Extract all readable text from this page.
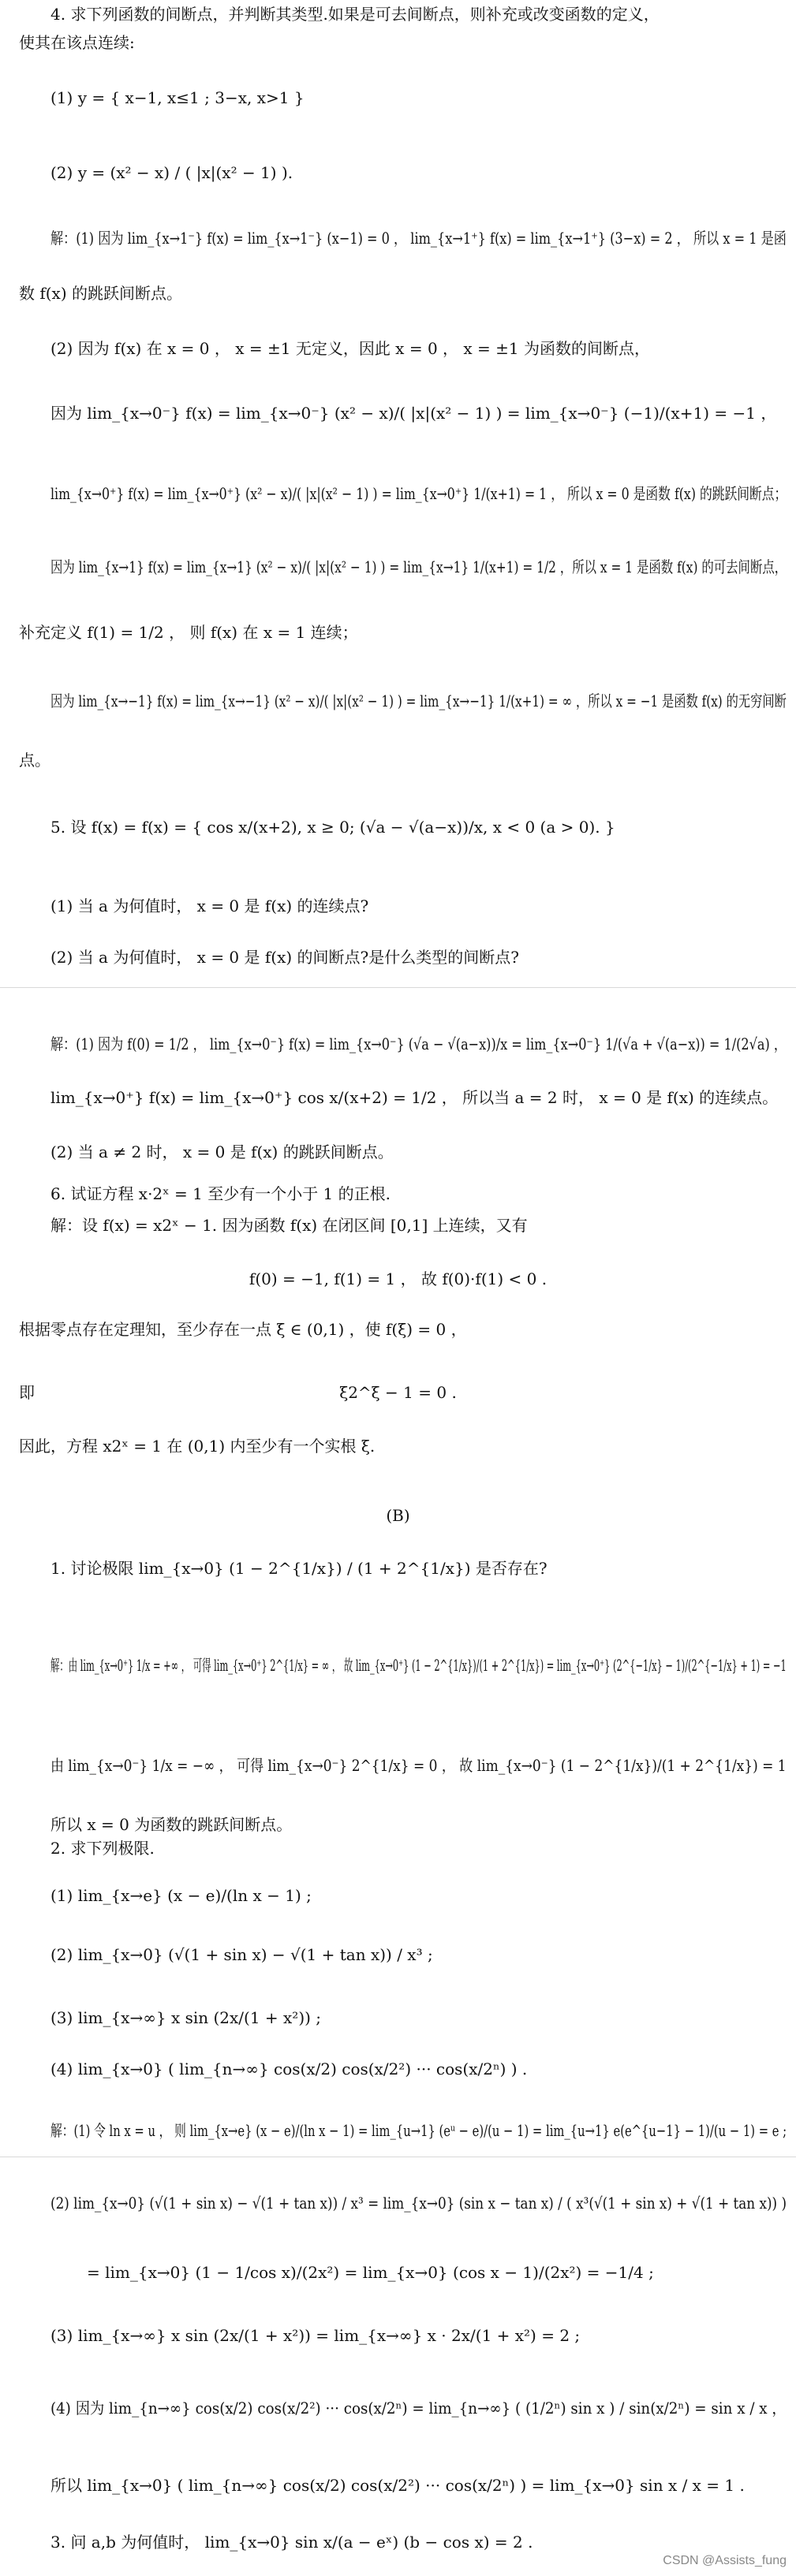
4. 求下列函数的间断点，并判断其类型.如果是可去间断点，则补充或改变函数的定义，
使其在该点连续:
(1) y = { x−1, x≤1 ; 3−x, x>1 }
(2) y = (x² − x) / ( |x|(x² − 1) ).
解：(1) 因为 lim_{x→1⁻} f(x) = lim_{x→1⁻} (x−1) = 0 ， lim_{x→1⁺} f(x) = lim_{x→1⁺} (3−x) = 2 ， 所以 x = 1 是函
数 f(x) 的跳跃间断点。
(2) 因为 f(x) 在 x = 0 ， x = ±1 无定义，因此 x = 0 ， x = ±1 为函数的间断点，
因为 lim_{x→0⁻} f(x) = lim_{x→0⁻} (x² − x)/( |x|(x² − 1) ) = lim_{x→0⁻} (−1)/(x+1) = −1 ，
lim_{x→0⁺} f(x) = lim_{x→0⁺} (x² − x)/( |x|(x² − 1) ) = lim_{x→0⁺} 1/(x+1) = 1 ， 所以 x = 0 是函数 f(x) 的跳跃间断点；
因为 lim_{x→1} f(x) = lim_{x→1} (x² − x)/( |x|(x² − 1) ) = lim_{x→1} 1/(x+1) = 1/2 ，所以 x = 1 是函数 f(x) 的可去间断点，
补充定义 f(1) = 1/2 ， 则 f(x) 在 x = 1 连续；
因为 lim_{x→−1} f(x) = lim_{x→−1} (x² − x)/( |x|(x² − 1) ) = lim_{x→−1} 1/(x+1) = ∞ ，所以 x = −1 是函数 f(x) 的无穷间断
点。
5. 设 f(x) = f(x) = { cos x/(x+2), x ≥ 0; (√a − √(a−x))/x, x < 0 (a > 0). }
(1) 当 a 为何值时， x = 0 是 f(x) 的连续点?
(2) 当 a 为何值时， x = 0 是 f(x) 的间断点?是什么类型的间断点?
解：(1) 因为 f(0) = 1/2 ， lim_{x→0⁻} f(x) = lim_{x→0⁻} (√a − √(a−x))/x = lim_{x→0⁻} 1/(√a + √(a−x)) = 1/(2√a) ，
lim_{x→0⁺} f(x) = lim_{x→0⁺} cos x/(x+2) = 1/2 ， 所以当 a = 2 时， x = 0 是 f(x) 的连续点。
(2) 当 a ≠ 2 时， x = 0 是 f(x) 的跳跃间断点。
6. 试证方程 x·2ˣ = 1 至少有一个小于 1 的正根.
解：设 f(x) = x2ˣ − 1. 因为函数 f(x) 在闭区间 [0,1] 上连续，又有
f(0) = −1, f(1) = 1 ， 故 f(0)·f(1) < 0 .
根据零点存在定理知，至少存在一点 ξ ∈ (0,1) ，使 f(ξ) = 0 ，
即	ξ2^ξ − 1 = 0 .
因此，方程 x2ˣ = 1 在 (0,1) 内至少有一个实根 ξ.
(B)
1. 讨论极限 lim_{x→0} (1 − 2^{1/x}) / (1 + 2^{1/x}) 是否存在?
解：由 lim_{x→0⁺} 1/x = +∞ ， 可得 lim_{x→0⁺} 2^{1/x} = ∞ ， 故 lim_{x→0⁺} (1 − 2^{1/x})/(1 + 2^{1/x}) = lim_{x→0⁺} (2^{−1/x} − 1)/(2^{−1/x} + 1) = −1
由 lim_{x→0⁻} 1/x = −∞ ， 可得 lim_{x→0⁻} 2^{1/x} = 0 ， 故 lim_{x→0⁻} (1 − 2^{1/x})/(1 + 2^{1/x}) = 1
所以 x = 0 为函数的跳跃间断点。
2. 求下列极限.
(1) lim_{x→e} (x − e)/(ln x − 1) ;
(2) lim_{x→0} (√(1 + sin x) − √(1 + tan x)) / x³ ;
(3) lim_{x→∞} x sin (2x/(1 + x²)) ;
(4) lim_{x→0} ( lim_{n→∞} cos(x/2) cos(x/2²) ··· cos(x/2ⁿ) ) .
解：(1) 令 ln x = u ， 则 lim_{x→e} (x − e)/(ln x − 1) = lim_{u→1} (eᵘ − e)/(u − 1) = lim_{u→1} e(e^{u−1} − 1)/(u − 1) = e ;
(2) lim_{x→0} (√(1 + sin x) − √(1 + tan x)) / x³ = lim_{x→0} (sin x − tan x) / ( x³(√(1 + sin x) + √(1 + tan x)) )
= lim_{x→0} (1 − 1/cos x)/(2x²) = lim_{x→0} (cos x − 1)/(2x²) = −1/4 ;
(3) lim_{x→∞} x sin (2x/(1 + x²)) = lim_{x→∞} x · 2x/(1 + x²) = 2 ;
(4) 因为 lim_{n→∞} cos(x/2) cos(x/2²) ··· cos(x/2ⁿ) = lim_{n→∞} ( (1/2ⁿ) sin x ) / sin(x/2ⁿ) = sin x / x ，
所以 lim_{x→0} ( lim_{n→∞} cos(x/2) cos(x/2²) ··· cos(x/2ⁿ) ) = lim_{x→0} sin x / x = 1 .
3. 问 a,b 为何值时， lim_{x→0} sin x/(a − eˣ) (b − cos x) = 2 .
CSDN @Assists_fung
